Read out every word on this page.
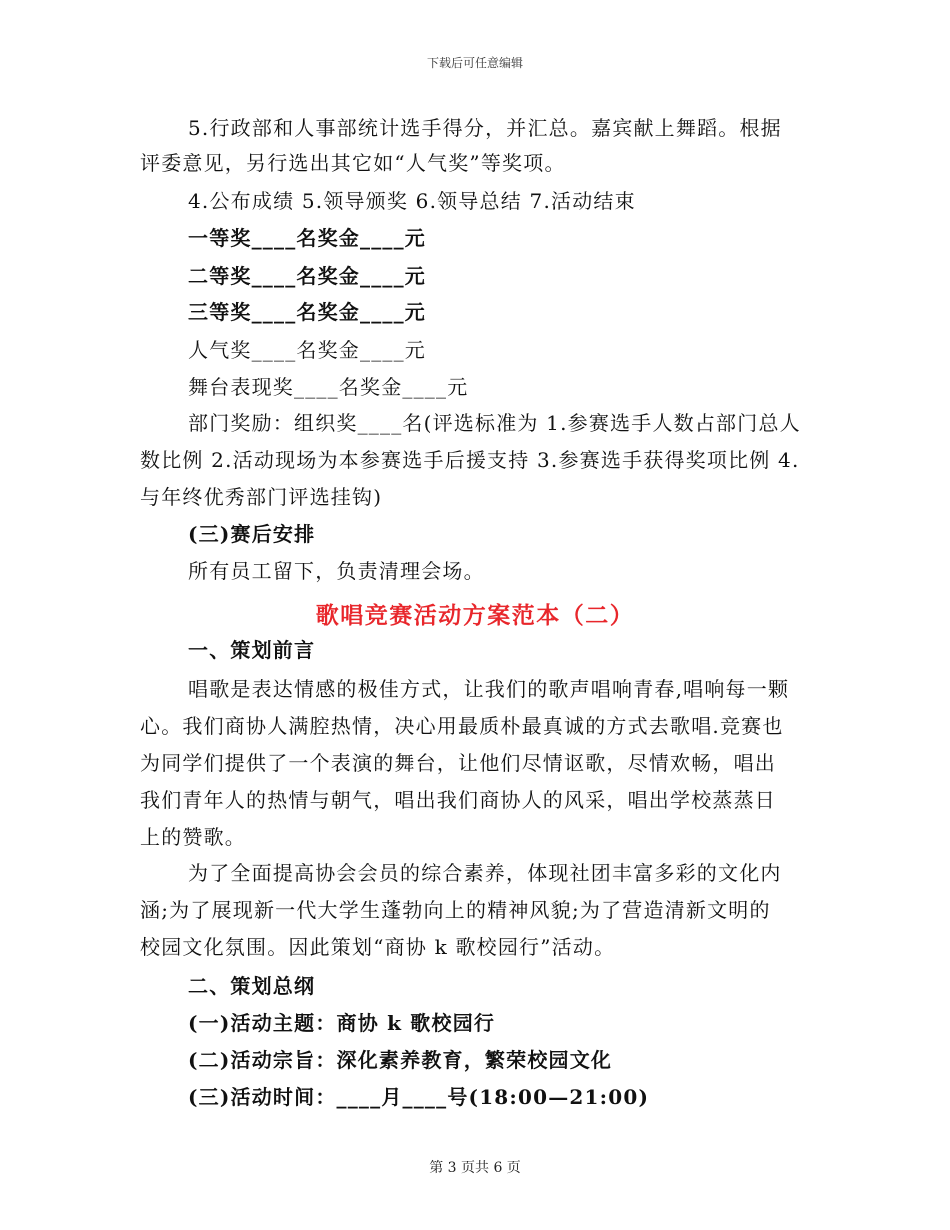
下载后可任意编辑
5.行政部和人事部统计选手得分，并汇总。嘉宾献上舞蹈。根据
评委意见，另行选出其它如“人气奖”等奖项。
4.公布成绩 5.领导颁奖 6.领导总结 7.活动结束
一等奖____名奖金____元
二等奖____名奖金____元
三等奖____名奖金____元
人气奖____名奖金____元
舞台表现奖____名奖金____元
部门奖励：组织奖____名(评选标准为 1.参赛选手人数占部门总人
数比例 2.活动现场为本参赛选手后援支持 3.参赛选手获得奖项比例 4.
与年终优秀部门评选挂钩)
(三)赛后安排
所有员工留下，负责清理会场。
歌唱竞赛活动方案范本（二）
一、策划前言
唱歌是表达情感的极佳方式，让我们的歌声唱响青春,唱响每一颗
心。我们商协人满腔热情，决心用最质朴最真诚的方式去歌唱.竞赛也
为同学们提供了一个表演的舞台，让他们尽情讴歌，尽情欢畅，唱出
我们青年人的热情与朝气，唱出我们商协人的风采，唱出学校蒸蒸日
上的赞歌。
为了全面提高协会会员的综合素养，体现社团丰富多彩的文化内
涵;为了展现新一代大学生蓬勃向上的精神风貌;为了营造清新文明的
校园文化氛围。因此策划“商协 k 歌校园行”活动。
二、策划总纲
(一)活动主题：商协 k 歌校园行
(二)活动宗旨：深化素养教育，繁荣校园文化
(三)活动时间：____月____号(18:00—21:00)
第 3 页共 6 页
